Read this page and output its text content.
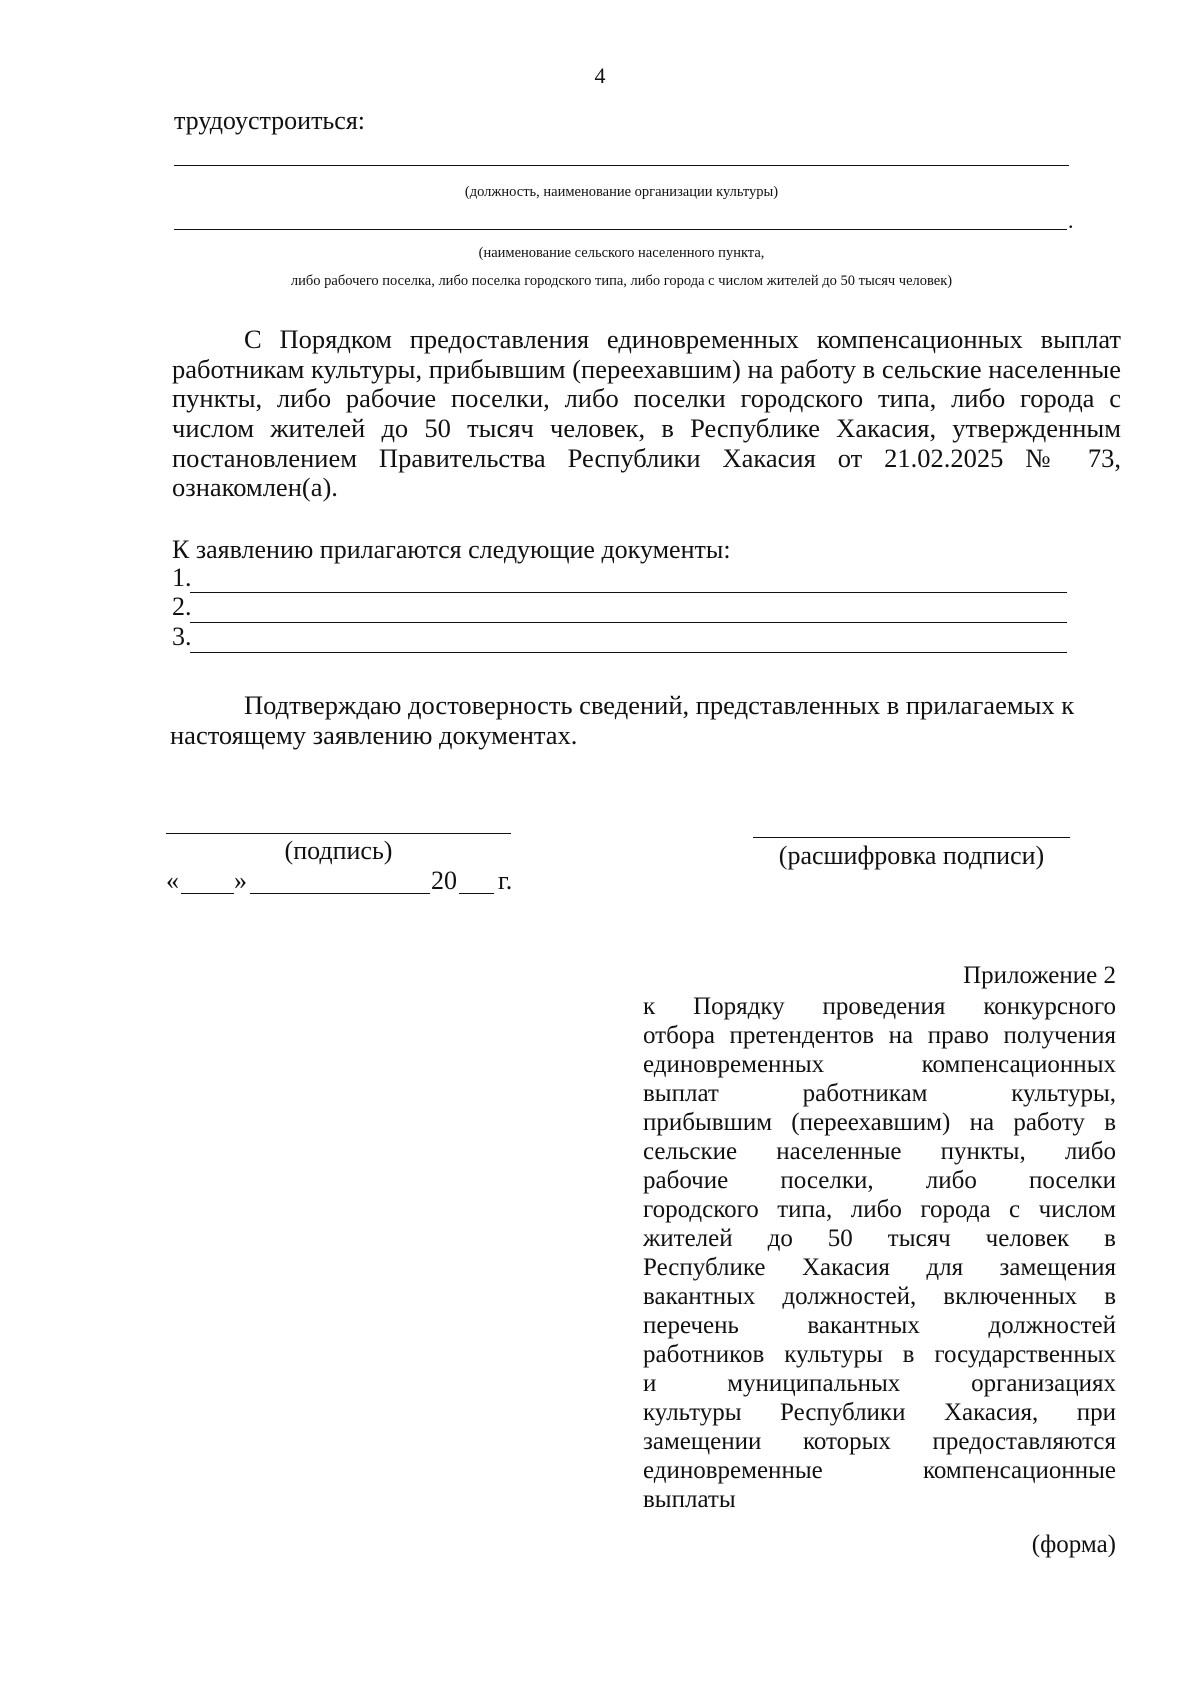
4
трудоустроиться:
(должность, наименование организации культуры)
.
(наименование сельского населенного пункта,
либо рабочего поселка, либо поселка городского типа, либо города с числом жителей до 50 тысяч человек)
С Порядком предоставления единовременных компенсационных выплат
работникам культуры, прибывшим (переехавшим) на работу в сельские населенные
пункты, либо рабочие поселки, либо поселки городского типа, либо города с
числом жителей до 50 тысяч человек, в Республике Хакасия, утвержденным
постановлением Правительства Республики Хакасия от 21.02.2025 № 73,
ознакомлен(а).
К заявлению прилагаются следующие документы:
1.
2.
3.
Подтверждаю достоверность сведений, представленных в прилагаемых к
настоящему заявлению документах.
(подпись)	(расшифровка подписи)
« »	20 г.
Приложение 2
к Порядку проведения конкурсного
отбора претендентов на право получения
единовременных компенсационных
выплат работникам культуры,
прибывшим (переехавшим) на работу в
сельские населенные пункты, либо
рабочие поселки, либо поселки
городского типа, либо города с числом
жителей до 50 тысяч человек в
Республике Хакасия для замещения
вакантных должностей, включенных в
перечень вакантных должностей
работников культуры в государственных
и муниципальных организациях
культуры Республики Хакасия, при
замещении которых предоставляются
единовременные компенсационные
выплаты
(форма)
